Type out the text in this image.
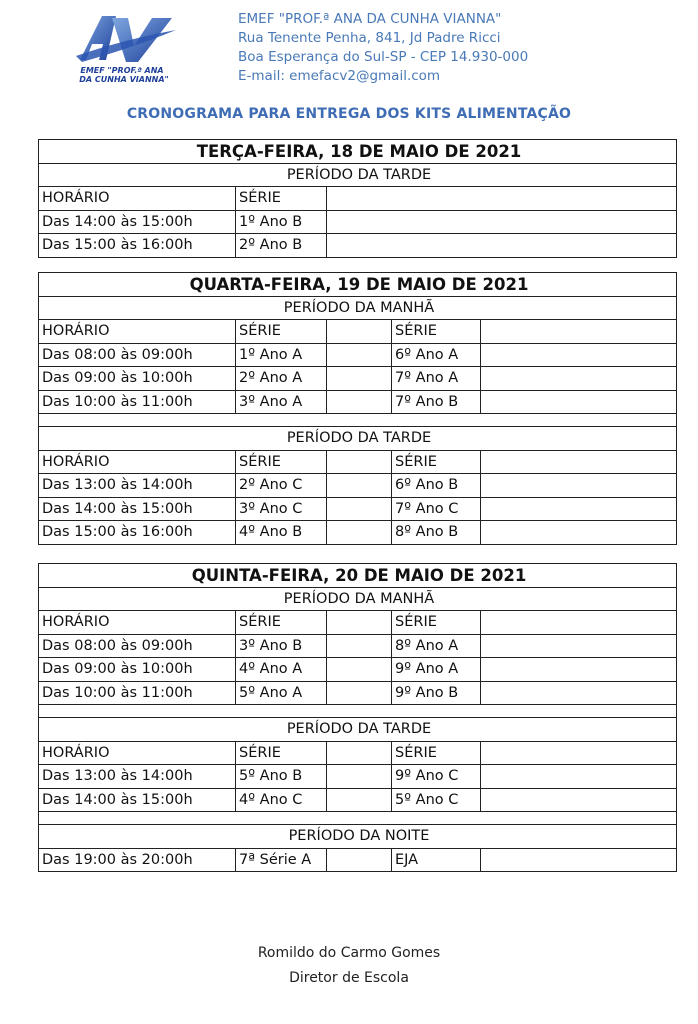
EMEF "PROF.ª ANA
DA CUNHA VIANNA"
EMEF "PROF.ª ANA DA CUNHA VIANNA"
Rua Tenente Penha, 841, Jd Padre Ricci
Boa Esperança do Sul-SP - CEP 14.930-000
E-mail: emefacv2@gmail.com
CRONOGRAMA PARA ENTREGA DOS KITS ALIMENTAÇÃO
TERÇA-FEIRA, 18 DE MAIO DE 2021
PERÍODO DA TARDE
HORÁRIO	SÉRIE
Das 14:00 às 15:00h	1º Ano B
Das 15:00 às 16:00h	2º Ano B
QUARTA-FEIRA, 19 DE MAIO DE 2021
PERÍODO DA MANHÃ
HORÁRIO	SÉRIE	SÉRIE
Das 08:00 às 09:00h	1º Ano A	6º Ano A
Das 09:00 às 10:00h	2º Ano A	7º Ano A
Das 10:00 às 11:00h	3º Ano A	7º Ano B
PERÍODO DA TARDE
HORÁRIO	SÉRIE	SÉRIE
Das 13:00 às 14:00h	2º Ano C	6º Ano B
Das 14:00 às 15:00h	3º Ano C	7º Ano C
Das 15:00 às 16:00h	4º Ano B	8º Ano B
QUINTA-FEIRA, 20 DE MAIO DE 2021
PERÍODO DA MANHÃ
HORÁRIO	SÉRIE	SÉRIE
Das 08:00 às 09:00h	3º Ano B	8º Ano A
Das 09:00 às 10:00h	4º Ano A	9º Ano A
Das 10:00 às 11:00h	5º Ano A	9º Ano B
PERÍODO DA TARDE
HORÁRIO	SÉRIE	SÉRIE
Das 13:00 às 14:00h	5º Ano B	9º Ano C
Das 14:00 às 15:00h	4º Ano C	5º Ano C
PERÍODO DA NOITE
Das 19:00 às 20:00h	7ª Série A	EJA
Romildo do Carmo Gomes
Diretor de Escola
